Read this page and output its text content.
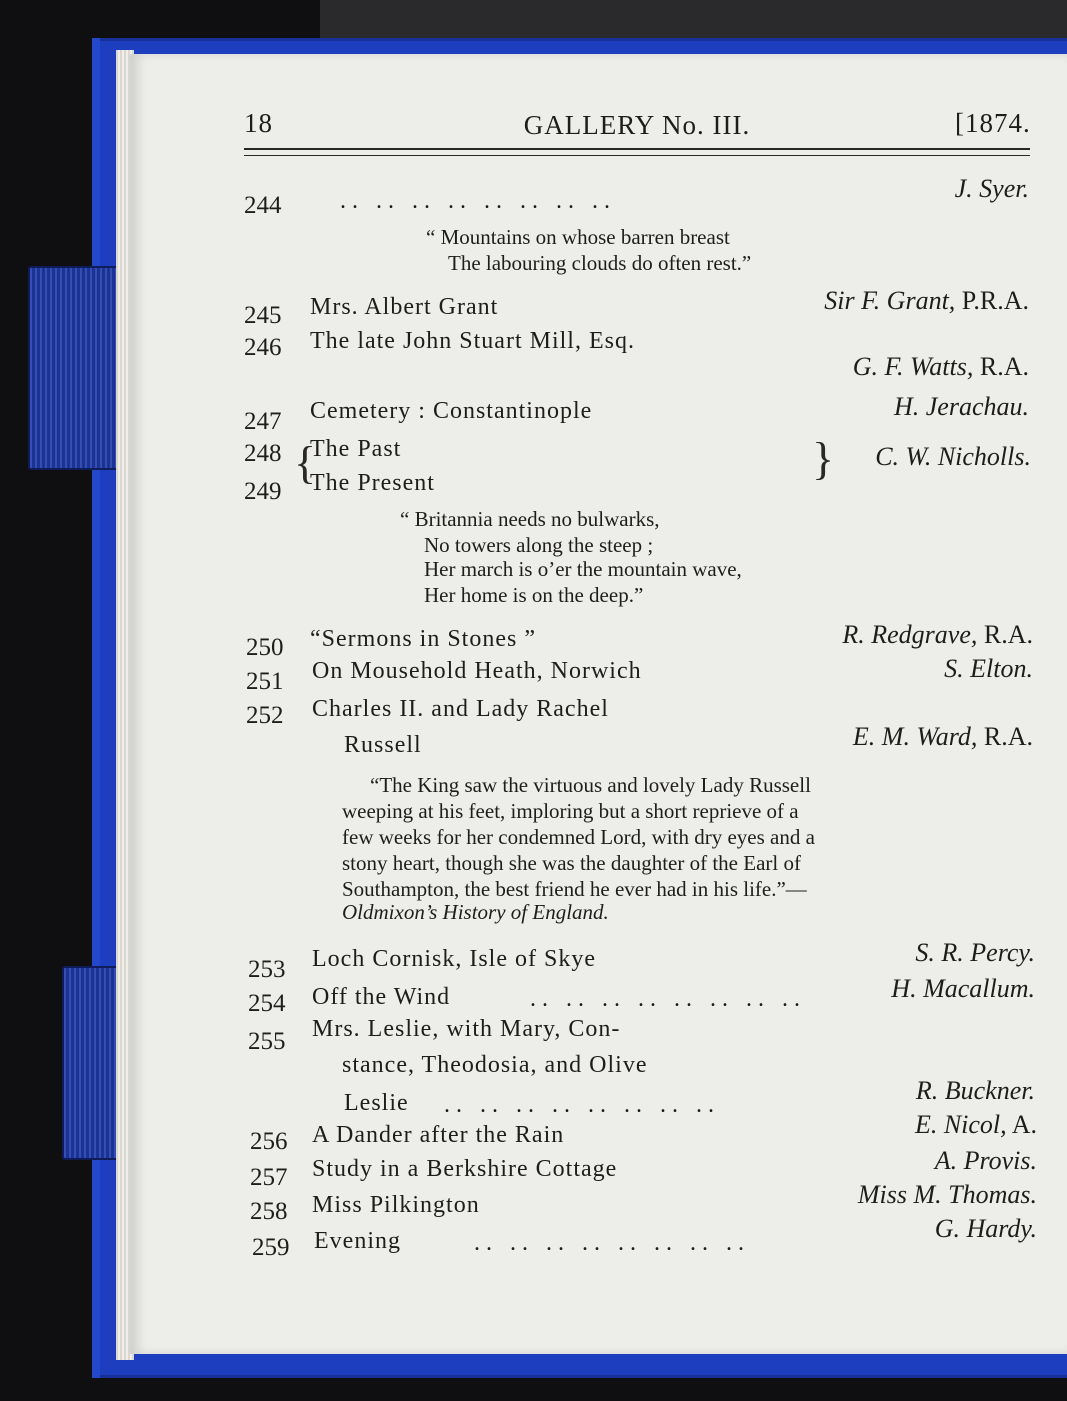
18	GALLERY No. III.	[1874.
244 .. .. .. .. .. .. .. ..	J. Syer.
“ Mountains on whose barren breast
The labouring clouds do often rest.”
245 Mrs. Albert Grant	Sir F. Grant, P.R.A.
246 The late John Stuart Mill, Esq.
G. F. Watts, R.A.
247 Cemetery : Constantinople	H. Jerachau.
248 The Past
249 The Present
{	} C. W. Nicholls.
“ Britannia needs no bulwarks,
No towers along the steep ;
Her march is o’er the mountain wave,
Her home is on the deep.”
250 “Sermons in Stones ”	R. Redgrave, R.A.
251 On Mousehold Heath, Norwich	S. Elton.
252 Charles II. and Lady Rachel
Russell	E. M. Ward, R.A.
“The King saw the virtuous and lovely Lady Russell
weeping at his feet, imploring but a short reprieve of a
few weeks for her condemned Lord, with dry eyes and a
stony heart, though she was the daughter of the Earl of
Southampton, the best friend he ever had in his life.”—
Oldmixon’s History of England.
253 Loch Cornisk, Isle of Skye	S. R. Percy.
254 Off the Wind	.. .. .. .. .. .. .. ..	H. Macallum.
255 Mrs. Leslie, with Mary, Con-
stance, Theodosia, and Olive
Leslie .. .. .. .. .. .. .. ..	R. Buckner.
256 A Dander after the Rain	E. Nicol, A.
257 Study in a Berkshire Cottage	A. Provis.
258 Miss Pilkington	Miss M. Thomas.
259 Evening	.. .. .. .. .. .. .. ..	G. Hardy.
